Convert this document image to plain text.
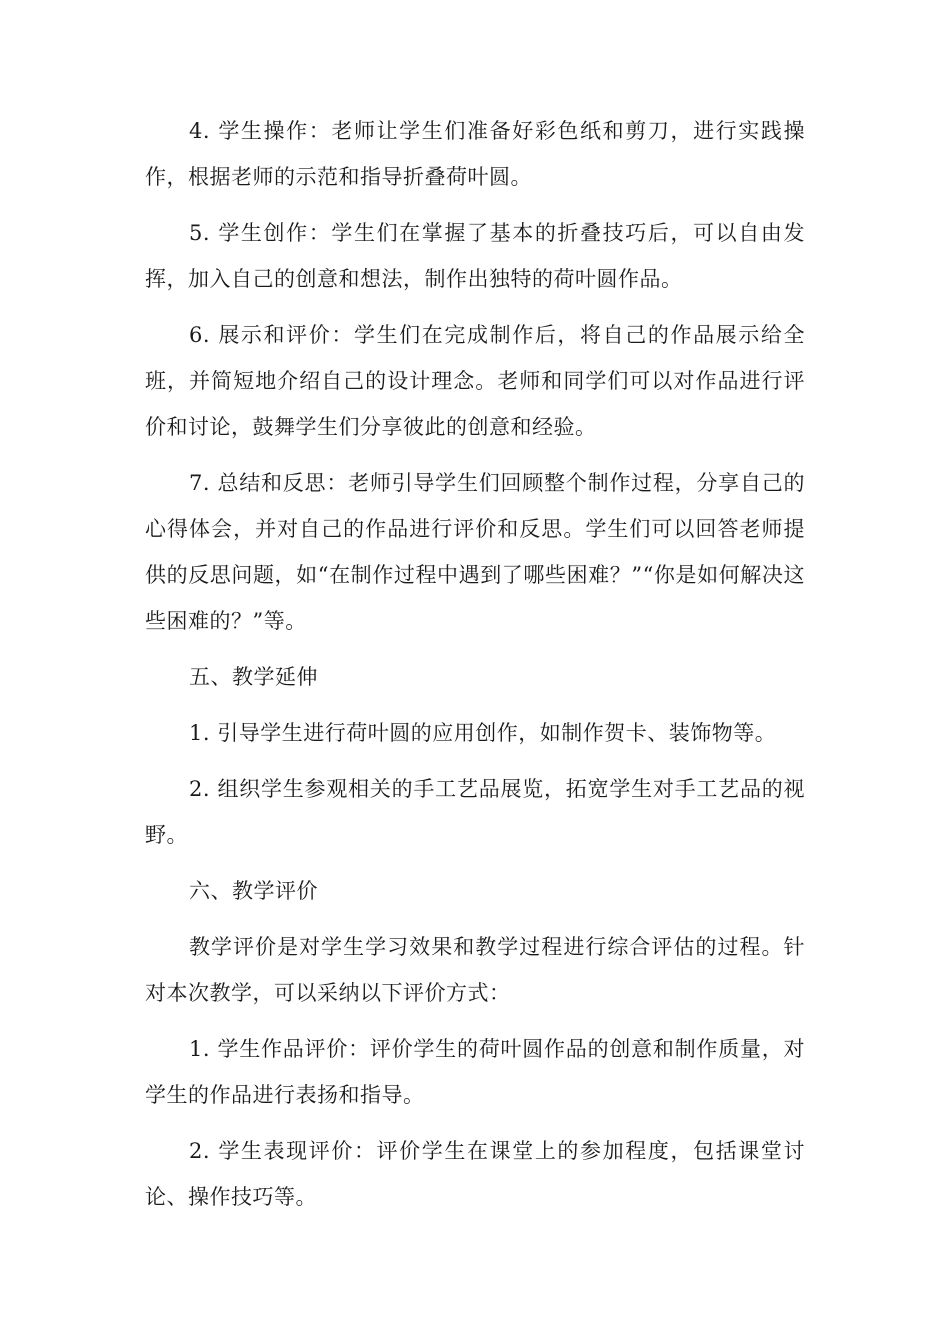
4. 学生操作：老师让学生们准备好彩色纸和剪刀，进行实践操作，根据老师的示范和指导折叠荷叶圆。

5. 学生创作：学生们在掌握了基本的折叠技巧后，可以自由发挥，加入自己的创意和想法，制作出独特的荷叶圆作品。

6. 展示和评价：学生们在完成制作后，将自己的作品展示给全班，并简短地介绍自己的设计理念。老师和同学们可以对作品进行评价和讨论，鼓舞学生们分享彼此的创意和经验。

7. 总结和反思：老师引导学生们回顾整个制作过程，分享自己的心得体会，并对自己的作品进行评价和反思。学生们可以回答老师提供的反思问题，如“在制作过程中遇到了哪些困难？”“你是如何解决这些困难的？”等。

五、教学延伸

1. 引导学生进行荷叶圆的应用创作，如制作贺卡、装饰物等。

2. 组织学生参观相关的手工艺品展览，拓宽学生对手工艺品的视野。

六、教学评价

教学评价是对学生学习效果和教学过程进行综合评估的过程。针对本次教学，可以采纳以下评价方式：

1. 学生作品评价：评价学生的荷叶圆作品的创意和制作质量，对学生的作品进行表扬和指导。

2. 学生表现评价：评价学生在课堂上的参加程度，包括课堂讨论、操作技巧等。
